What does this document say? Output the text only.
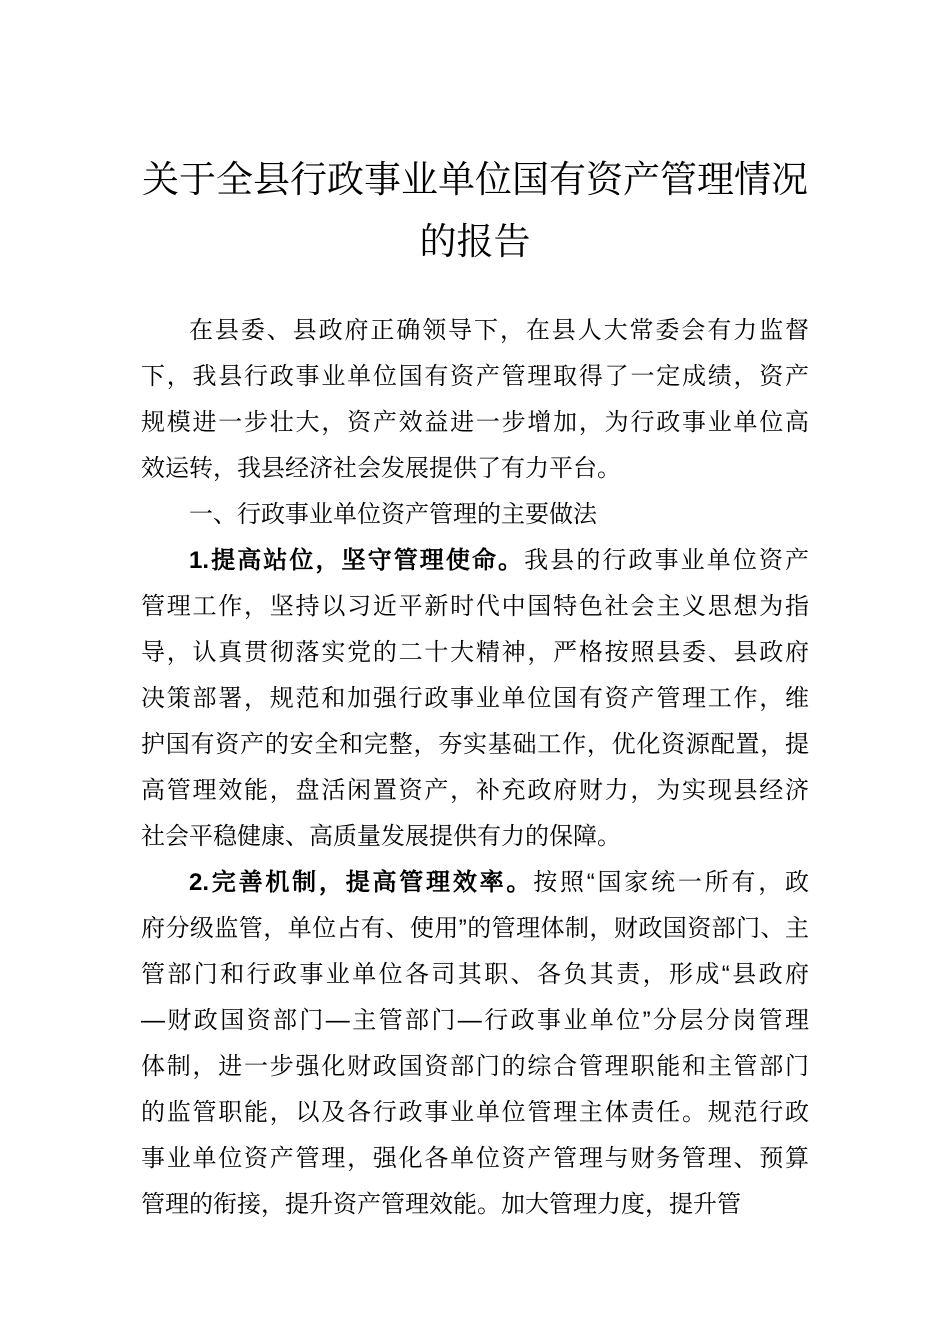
关于全县行政事业单位国有资产管理情况
的报告
在县委、县政府正确领导下，在县人大常委会有力监督
下，我县行政事业单位国有资产管理取得了一定成绩，资产
规模进一步壮大，资产效益进一步增加，为行政事业单位高
效运转，我县经济社会发展提供了有力平台。
一、行政事业单位资产管理的主要做法
1.提高站位，坚守管理使命。我县的行政事业单位资产
管理工作，坚持以习近平新时代中国特色社会主义思想为指
导，认真贯彻落实党的二十大精神，严格按照县委、县政府
决策部署，规范和加强行政事业单位国有资产管理工作，维
护国有资产的安全和完整，夯实基础工作，优化资源配置，提
高管理效能，盘活闲置资产，补充政府财力，为实现县经济
社会平稳健康、高质量发展提供有力的保障。
2.完善机制，提高管理效率。按照“国家统一所有，政
府分级监管，单位占有、使用”的管理体制，财政国资部门、主
管部门和行政事业单位各司其职、各负其责，形成“县政府
—财政国资部门—主管部门—行政事业单位”分层分岗管理
体制，进一步强化财政国资部门的综合管理职能和主管部门
的监管职能，以及各行政事业单位管理主体责任。规范行政
事业单位资产管理，强化各单位资产管理与财务管理、预算
管理的衔接，提升资产管理效能。加大管理力度，提升管
